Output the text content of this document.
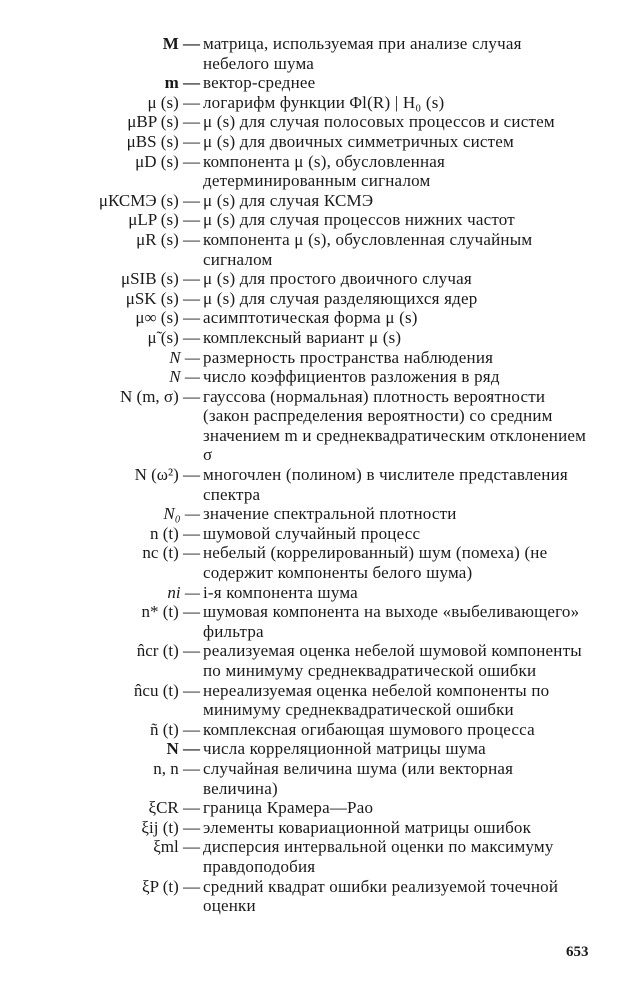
M — матрица, используемая при анализе случая небелого шума
m — вектор-среднее
μ (s) — логарифм функции Φl(R) | H₀ (s)
μBP (s) — μ (s) для случая полосовых процессов и систем
μBS (s) — μ (s) для двоичных симметричных систем
μD (s) — компонента μ (s), обусловленная детерминированным сигналом
μКСМЭ (s) — μ (s) для случая КСМЭ
μLP (s) — μ (s) для случая процессов нижних частот
μR (s) — компонента μ (s), обусловленная случайным сигналом
μSIB (s) — μ (s) для простого двоичного случая
μSK (s) — μ (s) для случая разделяющихся ядер
μ∞ (s) — асимптотическая форма μ (s)
μ̃ (s) — комплексный вариант μ (s)
N — размерность пространства наблюдения
N — число коэффициентов разложения в ряд
N (m, σ) — гауссова (нормальная) плотность вероятности (закон распределения вероятности) со средним значением m и среднеквадратическим отклонением σ
N (ω²) — многочлен (полином) в числителе представления спектра
N₀ — значение спектральной плотности
n (t) — шумовой случайный процесс
nc (t) — небелый (коррелированный) шум (помеха) (не содержит компоненты белого шума)
ni — i-я компонента шума
n* (t) — шумовая компонента на выходе «выбеливающего» фильтра
n̂cr (t) — реализуемая оценка небелой шумовой компоненты по минимуму среднеквадратической ошибки
n̂cu (t) — нереализуемая оценка небелой компоненты по минимуму среднеквадратической ошибки
ñ (t) — комплексная огибающая шумового процесса
N — числа корреляционной матрицы шума
n, n — случайная величина шума (или векторная величина)
ξCR — граница Крамера—Рао
ξij (t) — элементы ковариационной матрицы ошибок
ξml — дисперсия интервальной оценки по максимуму правдоподобия
ξP (t) — средний квадрат ошибки реализуемой точечной оценки
653
